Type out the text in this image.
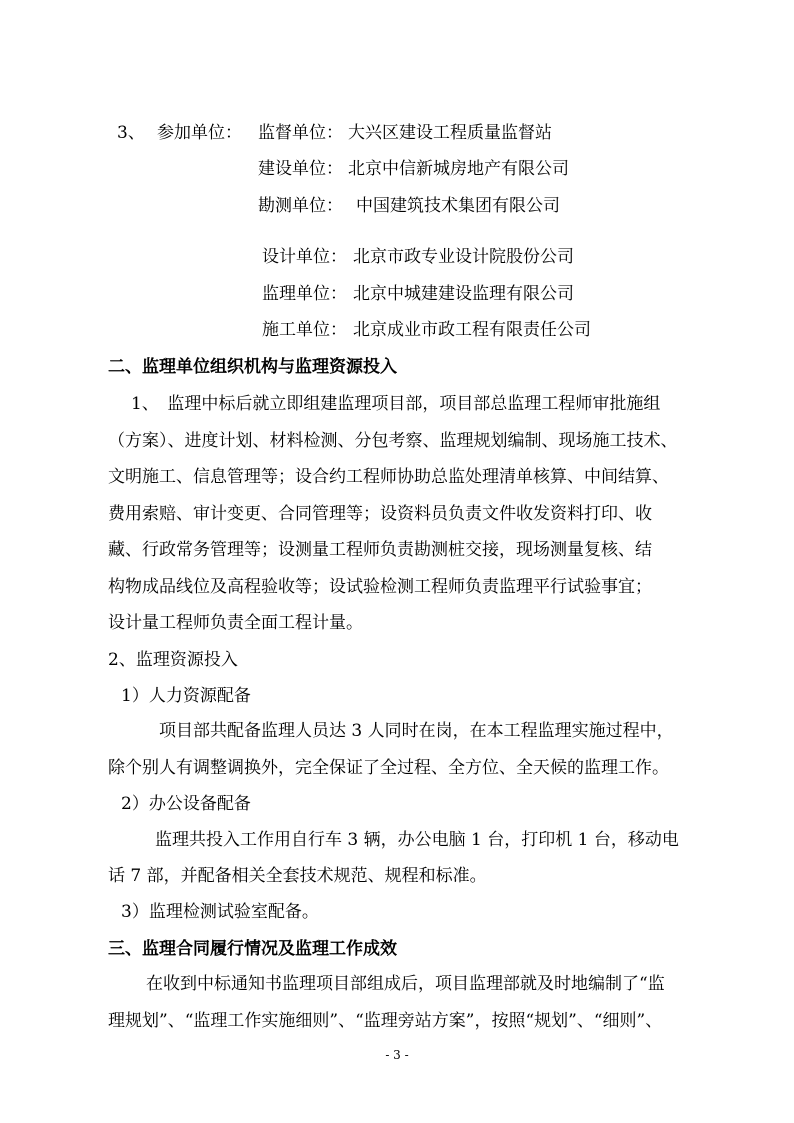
3、 参加单位： 监督单位： 大兴区建设工程质量监督站
建设单位： 北京中信新城房地产有限公司
勘测单位： 中国建筑技术集团有限公司
设计单位： 北京市政专业设计院股份公司
监理单位： 北京中城建建设监理有限公司
施工单位： 北京成业市政工程有限责任公司
二、监理单位组织机构与监理资源投入
1、　监理中标后就立即组建监理项目部，项目部总监理工程师审批施组
（方案）、进度计划、材料检测、分包考察、监理规划编制、现场施工技术、
文明施工、信息管理等；设合约工程师协助总监处理清单核算、中间结算、
费用索赔、审计变更、合同管理等；设资料员负责文件收发资料打印、收
藏、行政常务管理等；设测量工程师负责勘测桩交接，现场测量复核、结
构物成品线位及高程验收等；设试验检测工程师负责监理平行试验事宜；
设计量工程师负责全面工程计量。
2、监理资源投入
1）人力资源配备
项目部共配备监理人员达 3 人同时在岗，在本工程监理实施过程中，
除个别人有调整调换外，完全保证了全过程、全方位、全天候的监理工作。
2）办公设备配备
监理共投入工作用自行车 3 辆，办公电脑 1 台，打印机 1 台，移动电
话 7 部，并配备相关全套技术规范、规程和标准。
3）监理检测试验室配备。
三、监理合同履行情况及监理工作成效
在收到中标通知书监理项目部组成后，项目监理部就及时地编制了“监
理规划”、“监理工作实施细则”、“监理旁站方案”，按照“规划”、“细则”、
- 3 -
